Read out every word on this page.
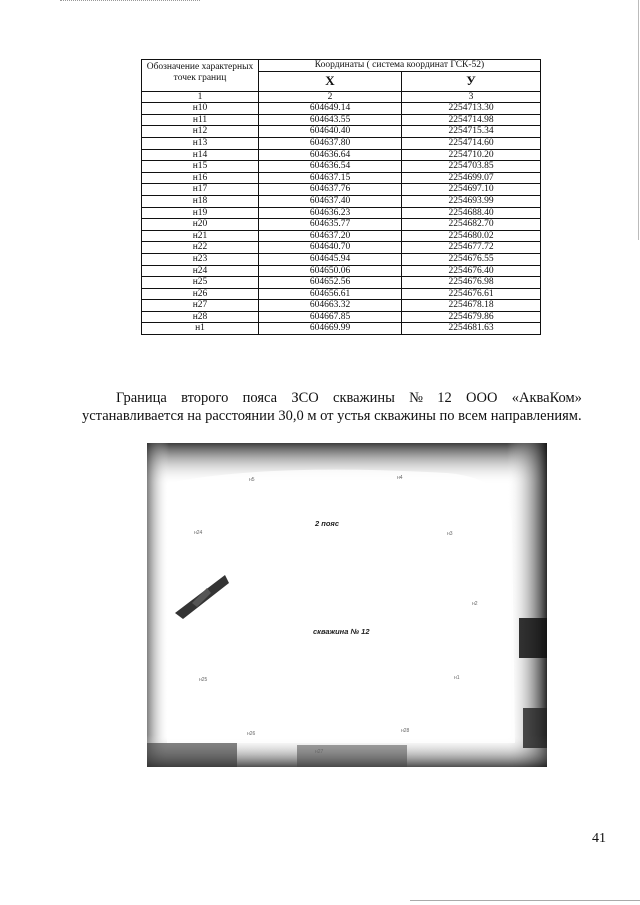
Обозначение характерных точек границ	Координаты ( система координат ГСК-52)	
	X	У
1	2	3
н10	604649.14	2254713.30
н11	604643.55	2254714.98
н12	604640.40	2254715.34
н13	604637.80	2254714.60
н14	604636.64	2254710.20
н15	604636.54	2254703.85
н16	604637.15	2254699.07
н17	604637.76	2254697.10
н18	604637.40	2254693.99
н19	604636.23	2254688.40
н20	604635.77	2254682.70
н21	604637.20	2254680.02
н22	604640.70	2254677.72
н23	604645.94	2254676.55
н24	604650.06	2254676.40
н25	604652.56	2254676.98
н26	604656.61	2254676.61
н27	604663.32	2254678.18
н28	604667.85	2254679.86
н1	604669.99	2254681.63
Граница второго пояса ЗСО скважины № 12 ООО «АкваКом»
устанавливается на расстоянии 30,0 м от устья скважины по всем направлениям.
2 пояс
скважина № 12
н5	н4
н3
н2
н1
н28
н27
н26
н25
н24
41
